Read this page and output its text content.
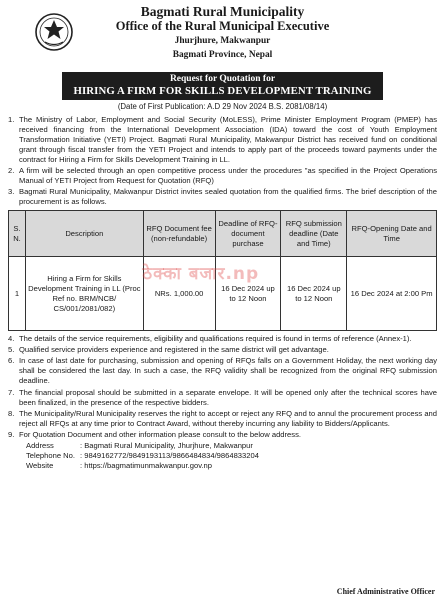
Bagmati Rural Municipality
Office of the Rural Municipal Executive
Jhurjhure, Makwanpur
Bagmati Province, Nepal
Request for Quotation for
HIRING A FIRM FOR SKILLS DEVELOPMENT TRAINING
(Date of First Publication: A.D 29 Nov 2024 B.S. 2081/08/14)
1. The Ministry of Labor, Employment and Social Security (MoLESS), Prime Minister Employment Program (PMEP) has received financing from the International Development Association (IDA) toward the cost of Youth Employment Transformation Initiative (YETI) Project. Bagmati Rural Municipality, Makwanpur District has received fund on conditional grant through fiscal transfer from the YETI Project and intends to apply part of the proceeds toward payments under the contract for Hiring a Firm for Skills Development Training in LL.
2. A firm will be selected through an open competitive process under the procedures "as specified in the Project Operations Manual of YETI Project from Request for Quotation (RFQ)
3. Bagmati Rural Municipality, Makwanpur District invites sealed quotation from the qualified firms. The brief description of the procurement is as follows.
S. N.	Description	RFQ Document fee (non-refundable)	Deadline of RFQ-document purchase	RFQ submission deadline (Date and Time)	RFQ-Opening Date and Time
1	Hiring a Firm for Skills Development Training in LL (Proc Ref no. BRM/NCB/ CS/001/2081/082)	NRs. 1,000.00	16 Dec 2024 up to 12 Noon	16 Dec 2024 up to 12 Noon	16 Dec 2024 at 2:00 Pm
ठेक्का बजार.np
4. The details of the service requirements, eligibility and qualifications required is found in terms of reference (Annex-1).
5. Qualified service providers experience and registered in the same district will get advantage.
6. In case of last date for purchasing, submission and opening of RFQs falls on a Government Holiday, the next working day shall be considered the last day. In such a case, the RFQ validity shall be recognized from the original RFQ submission deadline.
7. The financial proposal should be submitted in a separate envelope. It will be opened only after the technical scores have been finalized, in the presence of the respective bidders.
8. The Municipality/Rural Municipality reserves the right to accept or reject any RFQ and to annul the procurement process and reject all RFQs at any time prior to Contract Award, without thereby incurring any liability to Bidders/Applicants.
9. For Quotation Document and other information please consult to the below address.
Address	: Bagmati Rural Municipality, Jhurjhure, Makwanpur
Telephone No. : 9849162772/9849193113/9866484834/9864833204
Website	: https://bagmatimunmakwanpur.gov.np
Chief Administrative Officer
